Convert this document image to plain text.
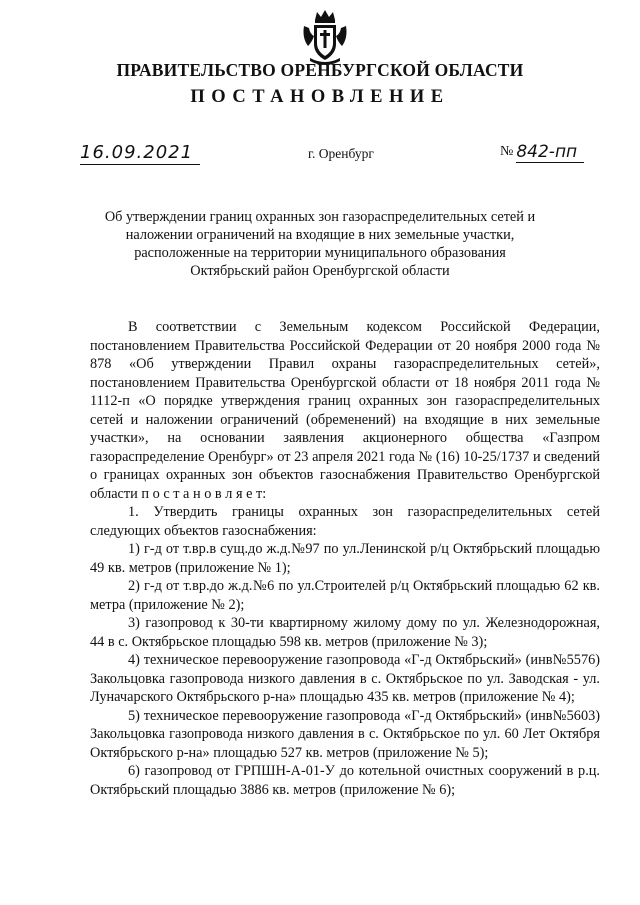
ПРАВИТЕЛЬСТВО ОРЕНБУРГСКОЙ ОБЛАСТИ
ПОСТАНОВЛЕНИЕ
16.09.2021	г. Оренбург	№ 842-пп
Об утверждении границ охранных зон газораспределительных сетей и
наложении ограничений на входящие в них земельные участки,
расположенные на территории муниципального образования
Октябрьский район Оренбургской области

В соответствии с Земельным кодексом Российской Федерации, постановлением Правительства Российской Федерации от 20 ноября 2000 года № 878 «Об утверждении Правил охраны газораспределительных сетей», постановлением Правительства Оренбургской области от 18 ноября 2011 года № 1112-п «О порядке утверждения границ охранных зон газораспределительных сетей и наложении ограничений (обременений) на входящие в них земельные участки», на основании заявления акционерного общества «Газпром газораспределение Оренбург» от 23 апреля 2021 года № (16) 10-25/1737 и сведений о границах охранных зон объектов газоснабжения Правительство Оренбургской области п о с т а н о в л я е т:

1. Утвердить границы охранных зон газораспределительных сетей следующих объектов газоснабжения:

1) г-д от т.вр.в сущ.до ж.д.№97 по ул.Ленинской р/ц Октябрьский площадью 49 кв. метров (приложение № 1);

2) г-д от т.вр.до ж.д.№6 по ул.Строителей р/ц Октябрьский площадью 62 кв. метра (приложение № 2);

3) газопровод к 30-ти квартирному жилому дому по ул. Железнодорожная, 44 в с. Октябрьское площадью 598 кв. метров (приложение № 3);

4) техническое перевооружение газопровода «Г-д Октябрьский» (инв№5576) Закольцовка газопровода низкого давления в с. Октябрьское по ул. Заводская - ул. Луначарского Октябрьского р-на» площадью 435 кв. метров (приложение № 4);

5) техническое перевооружение газопровода «Г-д Октябрьский» (инв№5603) Закольцовка газопровода низкого давления в с. Октябрьское по ул. 60 Лет Октября Октябрьского р-на» площадью 527 кв. метров (приложение № 5);

6) газопровод от ГРПШН-А-01-У до котельной очистных сооружений в р.ц. Октябрьский площадью 3886 кв. метров (приложение № 6);
